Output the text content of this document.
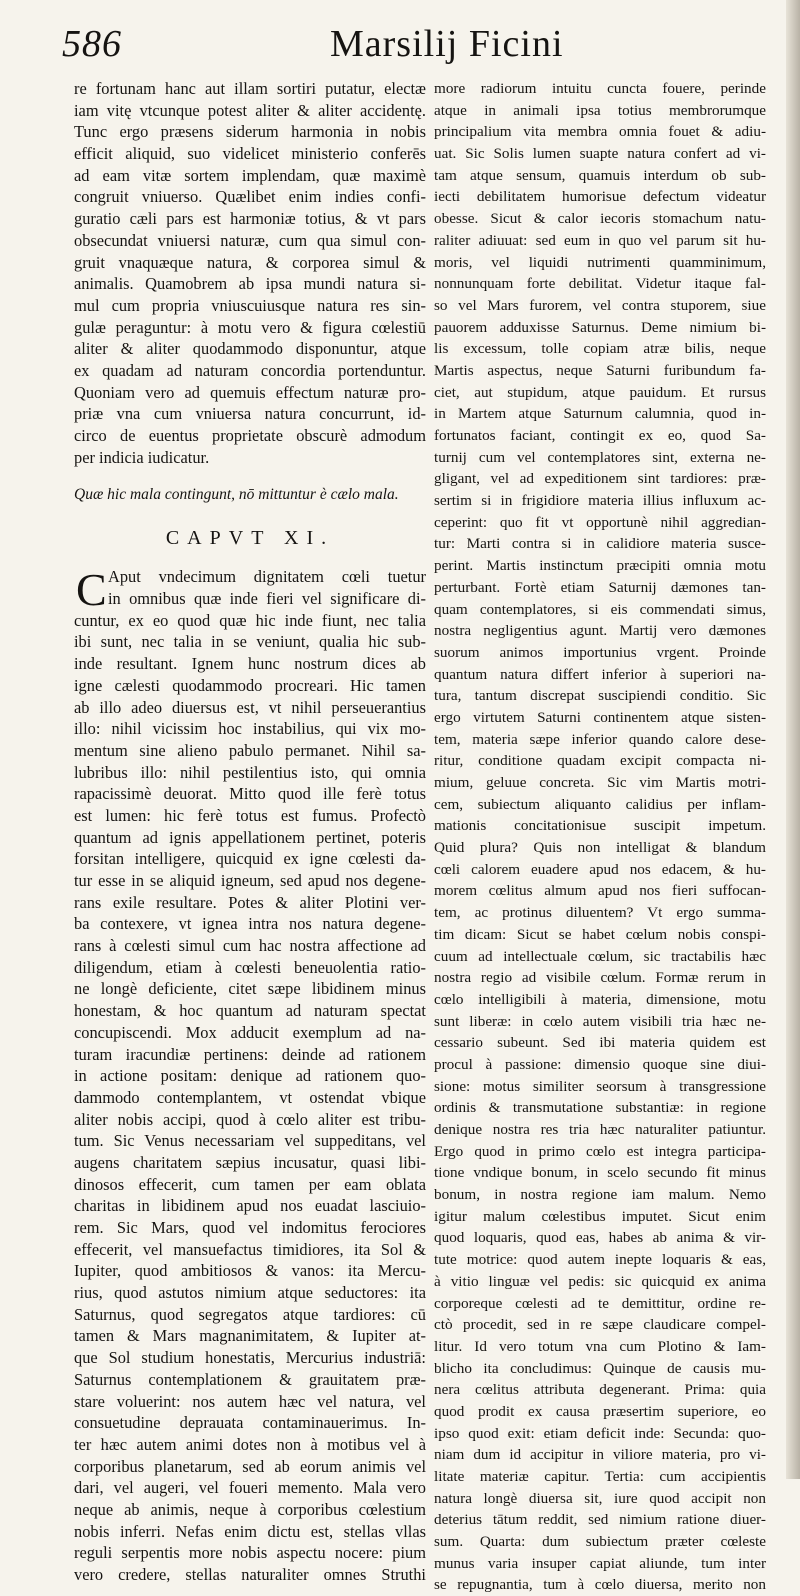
586	Marsilij Ficini
re fortunam hanc aut illam sortiri putatur, electæ
iam vitę vtcunque potest aliter & aliter accidentę.
Tunc ergo præsens siderum harmonia in nobis
efficit aliquid, suo videlicet ministerio conferēs
ad eam vitæ sortem implendam, quæ maximè
congruit vniuerso. Quælibet enim indies confi-
guratio cæli pars est harmoniæ totius, & vt pars
obsecundat vniuersi naturæ, cum qua simul con-
gruit vnaquæque natura, & corporea simul &
animalis. Quamobrem ab ipsa mundi natura si-
mul cum propria vniuscuiusque natura res sin-
gulæ peraguntur: à motu vero & figura cœlestiū
aliter & aliter quodammodo disponuntur, atque
ex quadam ad naturam concordia portenduntur.
Quoniam vero ad quemuis effectum naturæ pro-
priæ vna cum vniuersa natura concurrunt, id-
circo de euentus proprietate obscurè admodum
per indicia iudicatur.
Quæ hic mala contingunt, nō mittuntur è cælo mala.
CAPVT XI.
C Aput vndecimum dignitatem cœli tuetur
in omnibus quæ inde fieri vel significare di-
cuntur, ex eo quod quæ hic inde fiunt, nec talia
ibi sunt, nec talia in se veniunt, qualia hic sub-
inde resultant. Ignem hunc nostrum dices ab
igne cælesti quodammodo procreari. Hic tamen
ab illo adeo diuersus est, vt nihil perseuerantius
illo: nihil vicissim hoc instabilius, qui vix mo-
mentum sine alieno pabulo permanet. Nihil sa-
lubribus illo: nihil pestilentius isto, qui omnia
rapacissimè deuorat. Mitto quod ille ferè totus
est lumen: hic ferè totus est fumus. Profectò
quantum ad ignis appellationem pertinet, poteris
forsitan intelligere, quicquid ex igne cœlesti da-
tur esse in se aliquid igneum, sed apud nos degene-
rans exile resultare. Potes & aliter Plotini ver-
ba contexere, vt ignea intra nos natura degene-
rans à cœlesti simul cum hac nostra affectione ad
diligendum, etiam à cœlesti beneuolentia ratio-
ne longè deficiente, citet sæpe libidinem minus
honestam, & hoc quantum ad naturam spectat
concupiscendi. Mox adducit exemplum ad na-
turam iracundiæ pertinens: deinde ad rationem
in actione positam: denique ad rationem quo-
dammodo contemplantem, vt ostendat vbique
aliter nobis accipi, quod à cœlo aliter est tribu-
tum. Sic Venus necessariam vel suppeditans, vel
augens charitatem sæpius incusatur, quasi libi-
dinosos effecerit, cum tamen per eam oblata
charitas in libidinem apud nos euadat lasciuio-
rem. Sic Mars, quod vel indomitus ferociores
effecerit, vel mansuefactus timidiores, ita Sol &
Iupiter, quod ambitiosos & vanos: ita Mercu-
rius, quod astutos nimium atque seductores: ita
Saturnus, quod segregatos atque tardiores: cū
tamen & Mars magnanimitatem, & Iupiter at-
que Sol studium honestatis, Mercurius industriā:
Saturnus contemplationem & grauitatem præ-
stare voluerint: nos autem hæc vel natura, vel
consuetudine deprauata contaminauerimus. In-
ter hæc autem animi dotes non à motibus vel à
corporibus planetarum, sed ab eorum animis vel
dari, vel augeri, vel foueri memento. Mala vero
neque ab animis, neque à corporibus cœlestium
nobis inferri. Nefas enim dictu est, stellas vllas
reguli serpentis more nobis aspectu nocere: pium
vero credere, stellas naturaliter omnes Struthi
more radiorum intuitu cuncta fouere, perinde
atque in animali ipsa totius membrorumque
principalium vita membra omnia fouet & adiu-
uat. Sic Solis lumen suapte natura confert ad vi-
tam atque sensum, quamuis interdum ob sub-
iecti debilitatem humorisue defectum videatur
obesse. Sicut & calor iecoris stomachum natu-
raliter adiuuat: sed eum in quo vel parum sit hu-
moris, vel liquidi nutrimenti quamminimum,
nonnunquam forte debilitat. Videtur itaque fal-
so vel Mars furorem, vel contra stuporem, siue
pauorem adduxisse Saturnus. Deme nimium bi-
lis excessum, tolle copiam atræ bilis, neque
Martis aspectus, neque Saturni furibundum fa-
ciet, aut stupidum, atque pauidum. Et rursus
in Martem atque Saturnum calumnia, quod in-
fortunatos faciant, contingit ex eo, quod Sa-
turnij cum vel contemplatores sint, externa ne-
gligant, vel ad expeditionem sint tardiores: præ-
sertim si in frigidiore materia illius influxum ac-
ceperint: quo fit vt opportunè nihil aggredian-
tur: Marti contra si in calidiore materia susce-
perint. Martis instinctum præcipiti omnia motu
perturbant. Fortè etiam Saturnij dæmones tan-
quam contemplatores, si eis commendati simus,
nostra negligentius agunt. Martij vero dæmones
suorum animos importunius vrgent. Proinde
quantum natura differt inferior à superiori na-
tura, tantum discrepat suscipiendi conditio. Sic
ergo virtutem Saturni continentem atque sisten-
tem, materia sæpe inferior quando calore dese-
ritur, conditione quadam excipit compacta ni-
mium, geluue concreta. Sic vim Martis motri-
cem, subiectum aliquanto calidius per inflam-
mationis concitationisue suscipit impetum.
Quid plura? Quis non intelligat & blandum
cœli calorem euadere apud nos edacem, & hu-
morem cœlitus almum apud nos fieri suffocan-
tem, ac protinus diluentem? Vt ergo summa-
tim dicam: Sicut se habet cœlum nobis conspi-
cuum ad intellectuale cœlum, sic tractabilis hæc
nostra regio ad visibile cœlum. Formæ rerum in
cœlo intelligibili à materia, dimensione, motu
sunt liberæ: in cœlo autem visibili tria hæc ne-
cessario subeunt. Sed ibi materia quidem est
procul à passione: dimensio quoque sine diui-
sione: motus similiter seorsum à transgressione
ordinis & transmutatione substantiæ: in regione
denique nostra res tria hæc naturaliter patiuntur.
Ergo quod in primo cœlo est integra participa-
tione vndique bonum, in scelo secundo fit minus
bonum, in nostra regione iam malum. Nemo
igitur malum cœlestibus imputet. Sicut enim
quod loquaris, quod eas, habes ab anima & vir-
tute motrice: quod autem inepte loquaris & eas,
à vitio linguæ vel pedis: sic quicquid ex anima
corporeque cœlesti ad te demittitur, ordine re-
ctò procedit, sed in re sæpe claudicare compel-
litur. Id vero totum vna cum Plotino & Iam-
blicho ita concludimus: Quinque de causis mu-
nera cœlitus attributa degenerant. Prima: quia
quod prodit ex causa præsertim superiore, eo
ipso quod exit: etiam deficit inde: Secunda: quo-
niam dum id accipitur in viliore materia, pro vi-
litate materiæ capitur. Tertia: cum accipientis
natura longè diuersa sit, iure quod accipit non
deterius tātum reddit, sed nimium ratione diuer-
sum. Quarta: dum subiectum præter cœleste
munus varia insuper capiat aliunde, tum inter
se repugnantia, tum à cœlo diuersa, merito non
